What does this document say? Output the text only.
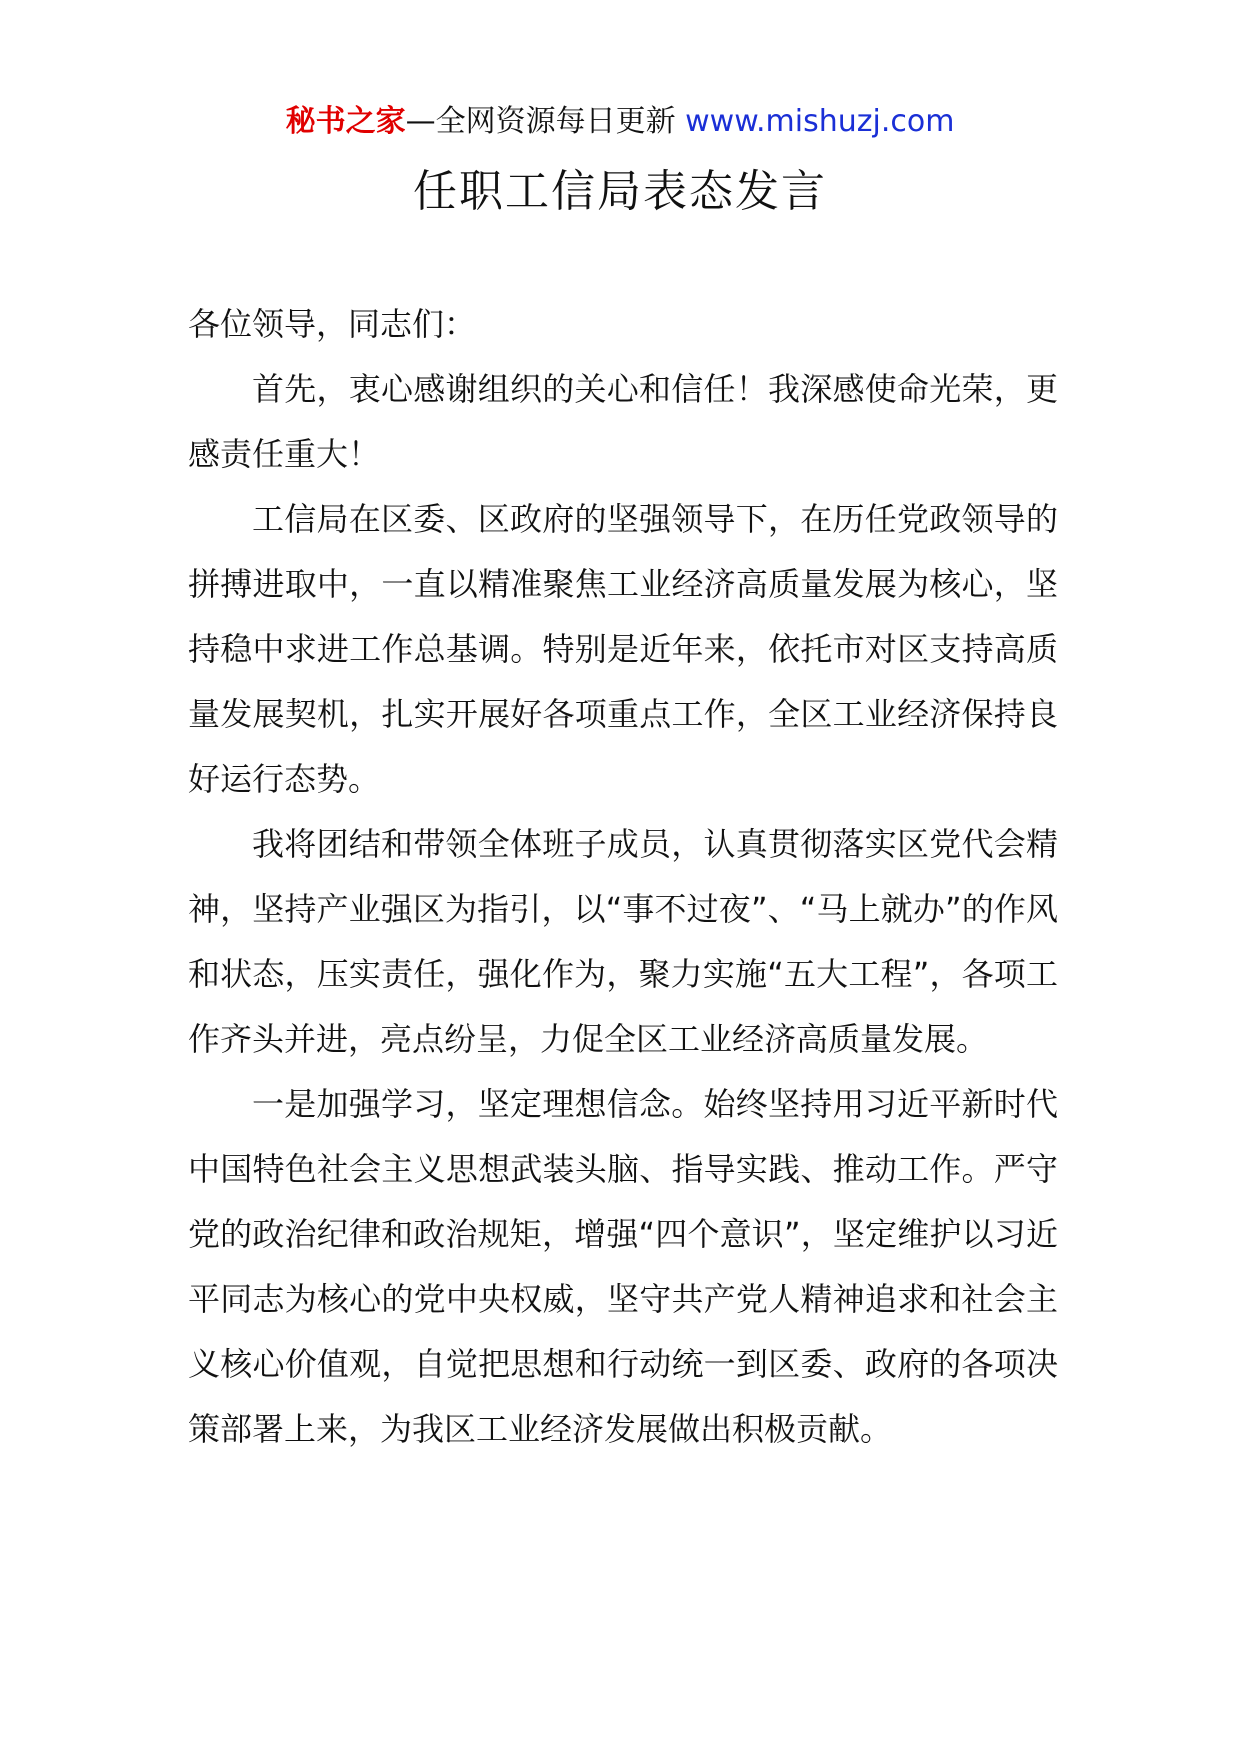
秘书之家—全网资源每日更新 www.mishuzj.com
任职工信局表态发言

各位领导，同志们：

首先，衷心感谢组织的关心和信任！我深感使命光荣，更感责任重大！

工信局在区委、区政府的坚强领导下，在历任党政领导的拼搏进取中，一直以精准聚焦工业经济高质量发展为核心，坚持稳中求进工作总基调。特别是近年来，依托市对区支持高质量发展契机，扎实开展好各项重点工作，全区工业经济保持良好运行态势。

我将团结和带领全体班子成员，认真贯彻落实区党代会精神，坚持产业强区为指引，以“事不过夜”、“马上就办”的作风和状态，压实责任，强化作为，聚力实施“五大工程”，各项工作齐头并进，亮点纷呈，力促全区工业经济高质量发展。

一是加强学习，坚定理想信念。始终坚持用习近平新时代中国特色社会主义思想武装头脑、指导实践、推动工作。严守党的政治纪律和政治规矩，增强“四个意识”，坚定维护以习近平同志为核心的党中央权威，坚守共产党人精神追求和社会主义核心价值观，自觉把思想和行动统一到区委、政府的各项决策部署上来，为我区工业经济发展做出积极贡献。
